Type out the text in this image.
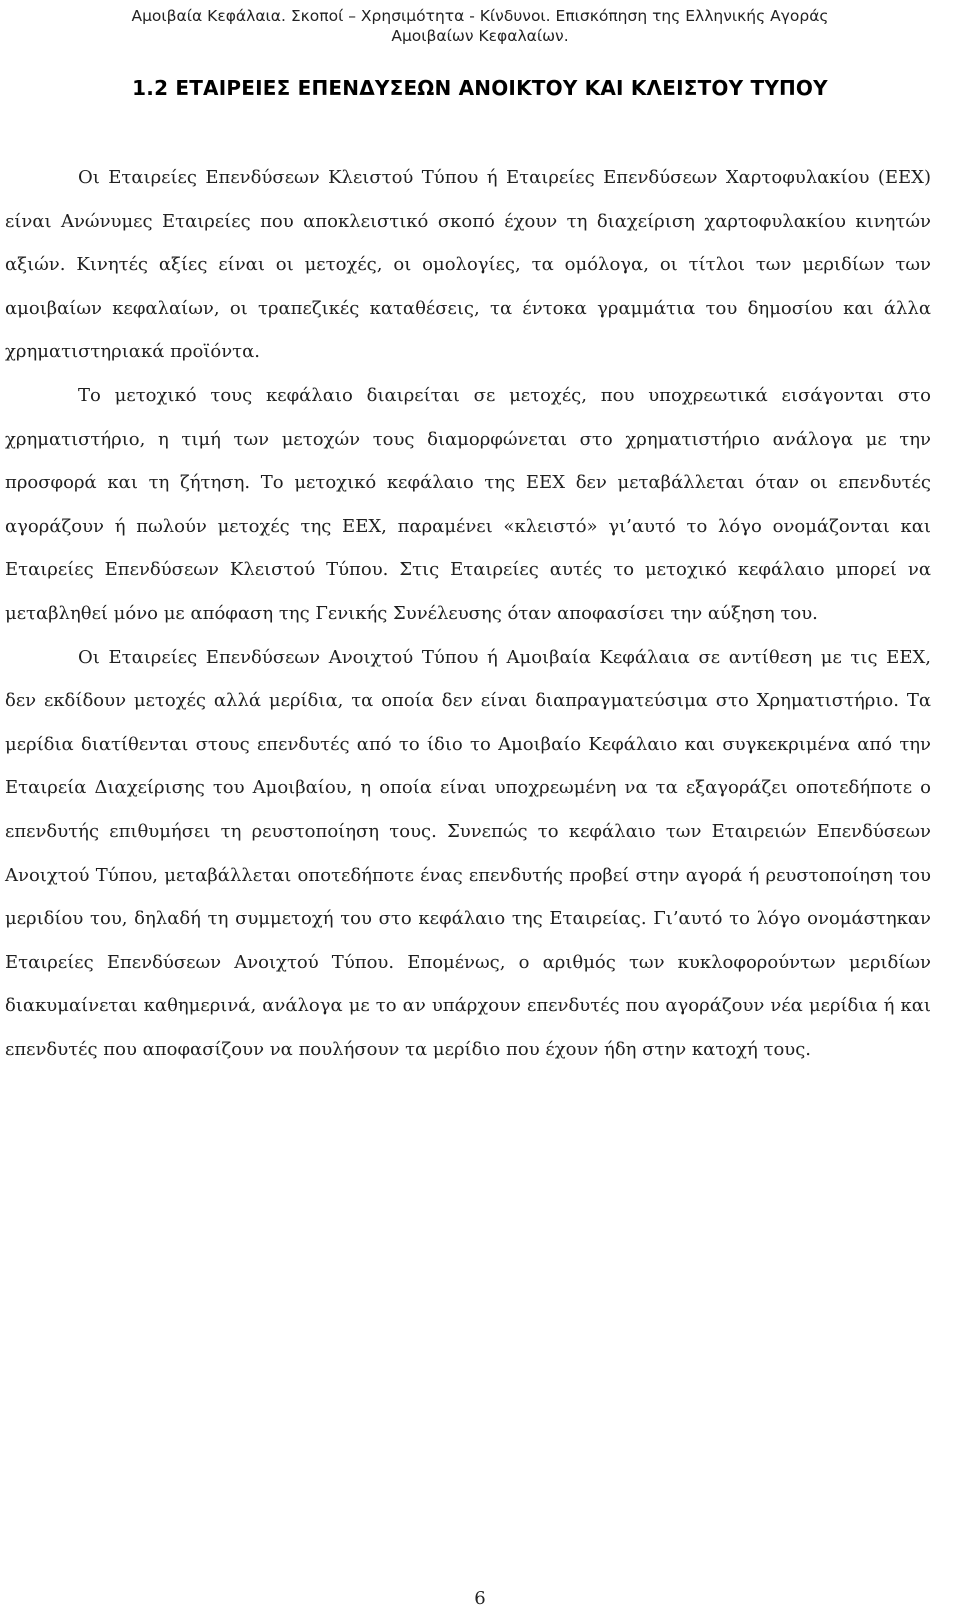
Αμοιβαία Κεφάλαια. Σκοποί – Χρησιμότητα - Κίνδυνοι. Επισκόπηση της Ελληνικής Αγοράς
Αμοιβαίων Κεφαλαίων.
1.2 ΕΤΑΙΡΕΙΕΣ ΕΠΕΝΔΥΣΕΩΝ ΑΝΟΙΚΤΟΥ ΚΑΙ ΚΛΕΙΣΤΟΥ ΤΥΠΟΥ

Οι Εταιρείες Επενδύσεων Κλειστού Τύπου ή Εταιρείες Επενδύσεων Χαρτοφυλακίου (ΕΕΧ) είναι Ανώνυμες Εταιρείες που αποκλειστικό σκοπό έχουν τη διαχείριση χαρτοφυλακίου κινητών αξιών. Κινητές αξίες είναι οι μετοχές, οι ομολογίες, τα ομόλογα, οι τίτλοι των μεριδίων των αμοιβαίων κεφαλαίων, οι τραπεζικές καταθέσεις, τα έντοκα γραμμάτια του δημοσίου και άλλα χρηματιστηριακά προϊόντα.

Το μετοχικό τους κεφάλαιο διαιρείται σε μετοχές, που υποχρεωτικά εισάγονται στο χρηματιστήριο, η τιμή των μετοχών τους διαμορφώνεται στο χρηματιστήριο ανάλογα με την προσφορά και τη ζήτηση. Το μετοχικό κεφάλαιο της ΕΕΧ δεν μεταβάλλεται όταν οι επενδυτές αγοράζουν ή πωλούν μετοχές της ΕΕΧ, παραμένει «κλειστό» γι’αυτό το λόγο ονομάζονται και Εταιρείες Επενδύσεων Κλειστού Τύπου. Στις Εταιρείες αυτές το μετοχικό κεφάλαιο μπορεί να μεταβληθεί μόνο με απόφαση της Γενικής Συνέλευσης όταν αποφασίσει την αύξηση του.

Οι Εταιρείες Επενδύσεων Ανοιχτού Τύπου ή Αμοιβαία Κεφάλαια σε αντίθεση με τις ΕΕΧ, δεν εκδίδουν μετοχές αλλά μερίδια, τα οποία δεν είναι διαπραγματεύσιμα στο Χρηματιστήριο. Τα μερίδια διατίθενται στους επενδυτές από το ίδιο το Αμοιβαίο Κεφάλαιο και συγκεκριμένα από την Εταιρεία Διαχείρισης του Αμοιβαίου, η οποία είναι υποχρεωμένη να τα εξαγοράζει οποτεδήποτε ο επενδυτής επιθυμήσει τη ρευστοποίηση τους. Συνεπώς το κεφάλαιο των Εταιρειών Επενδύσεων Ανοιχτού Τύπου, μεταβάλλεται οποτεδήποτε ένας επενδυτής προβεί στην αγορά ή ρευστοποίηση του μεριδίου του, δηλαδή τη συμμετοχή του στο κεφάλαιο της Εταιρείας. Γι’αυτό το λόγο ονομάστηκαν Εταιρείες Επενδύσεων Ανοιχτού Τύπου. Επομένως, ο αριθμός των κυκλοφορούντων μεριδίων διακυμαίνεται καθημερινά, ανάλογα με το αν υπάρχουν επενδυτές που αγοράζουν νέα μερίδια ή και επενδυτές που αποφασίζουν να πουλήσουν τα μερίδιο που έχουν ήδη στην κατοχή τους.

6
